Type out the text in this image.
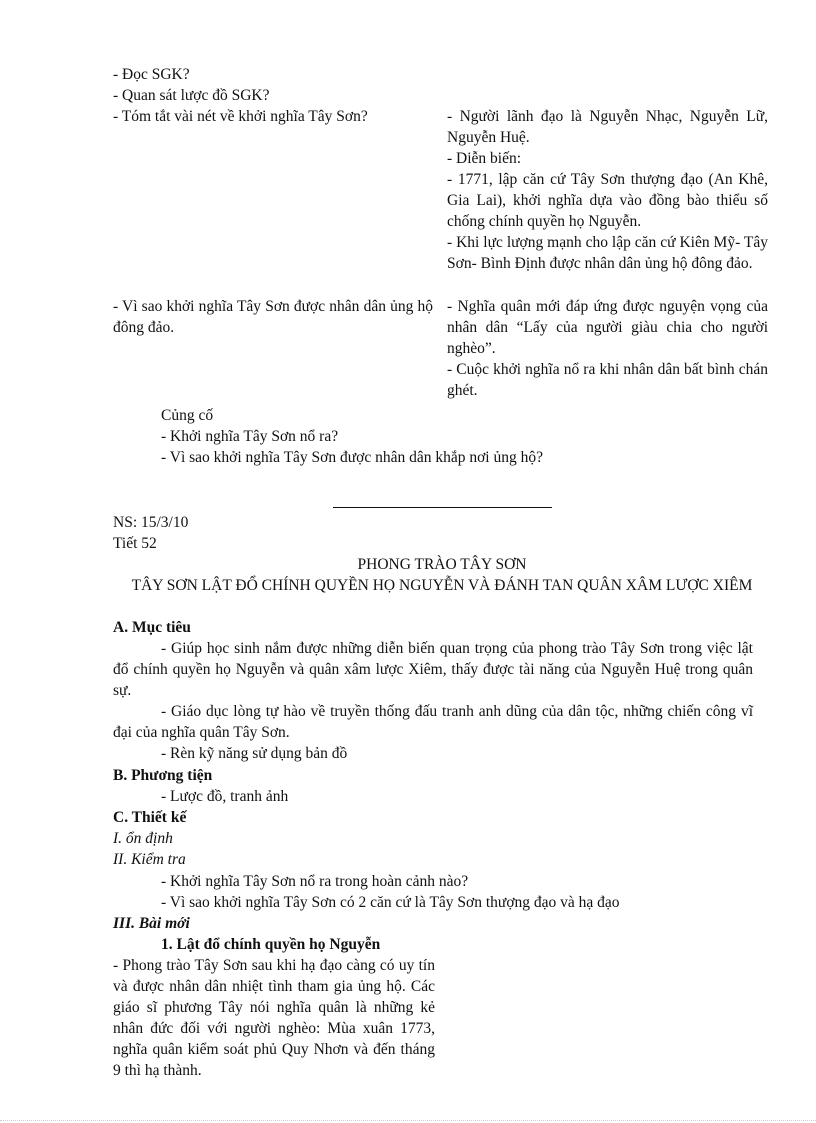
- Đọc SGK?
- Quan sát lược đồ SGK?
- Tóm tắt vài nét về khởi nghĩa Tây Sơn?	- Người lãnh đạo là Nguyễn Nhạc, Nguyễn Lữ, Nguyễn Huệ.
- Diễn biến:
- 1771, lập căn cứ Tây Sơn thượng đạo (An Khê, Gia Lai), khởi nghĩa dựa vào đồng bào thiểu số chống chính quyền họ Nguyễn.
- Khi lực lượng mạnh cho lập căn cứ Kiên Mỹ- Tây Sơn- Bình Định được nhân dân ủng hộ đông đảo.
- Vì sao khởi nghĩa Tây Sơn được nhân dân ủng hộ đông đảo.
- Nghĩa quân mới đáp ứng được nguyện vọng của nhân dân “Lấy của người giàu chia cho người nghèo”.
- Cuộc khởi nghĩa nổ ra khi nhân dân bất bình chán ghét.
Củng cố
- Khởi nghĩa Tây Sơn nổ ra?
- Vì sao khởi nghĩa Tây Sơn được nhân dân khắp nơi ủng hộ?
NS: 15/3/10
Tiết 52
PHONG TRÀO TÂY SƠN
TÂY SƠN LẬT ĐỔ CHÍNH QUYỀN HỌ NGUYỄN VÀ ĐÁNH TAN QUÂN XÂM LƯỢC XIÊM
A. Mục tiêu
- Giúp học sinh nắm được những diễn biến quan trọng của phong trào Tây Sơn trong việc lật đổ chính quyền họ Nguyễn và quân xâm lược Xiêm, thấy được tài năng của Nguyễn Huệ trong quân sự.
- Giáo dục lòng tự hào về truyền thống đấu tranh anh dũng của dân tộc, những chiến công vĩ đại của nghĩa quân Tây Sơn.
- Rèn kỹ năng sử dụng bản đồ
B. Phương tiện
- Lược đồ, tranh ảnh
C. Thiết kế
I. ổn định
II. Kiểm tra
- Khởi nghĩa Tây Sơn nổ ra trong hoàn cảnh nào?
- Vì sao khởi nghĩa Tây Sơn có 2 căn cứ là Tây Sơn thượng đạo và hạ đạo
III. Bài mới
1. Lật đổ chính quyền họ Nguyễn
- Phong trào Tây Sơn sau khi hạ đạo càng có uy tín và được nhân dân nhiệt tình tham gia ủng hộ. Các giáo sĩ phương Tây nói nghĩa quân là những kẻ nhân đức đối với người nghèo: Mùa xuân 1773, nghĩa quân kiểm soát phủ Quy Nhơn và đến tháng 9 thì hạ thành.
